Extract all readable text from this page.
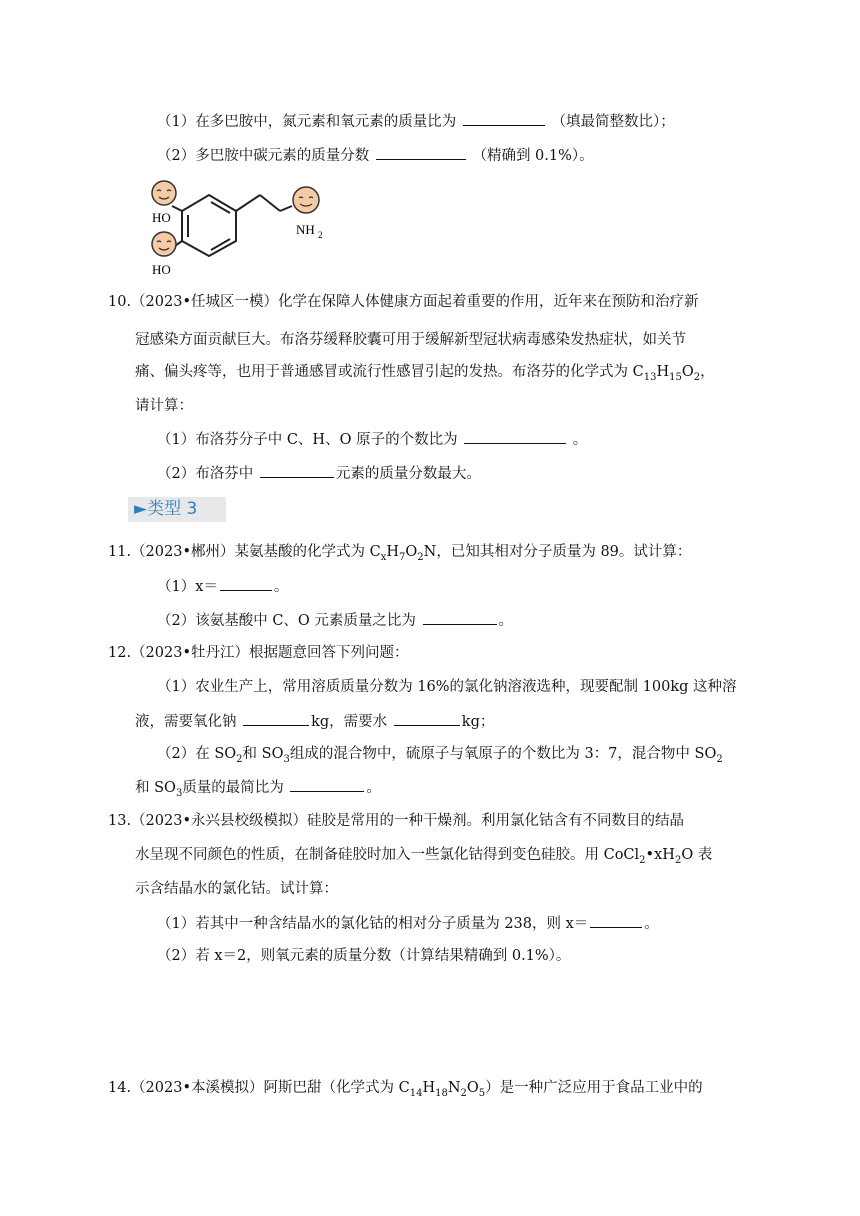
（1）在多巴胺中，氮元素和氧元素的质量比为	（填最简整数比）；
（2）多巴胺中碳元素的质量分数	（精确到 0.1%）。
HO
HO
NH 2
10.（2023•任城区一模）化学在保障人体健康方面起着重要的作用，近年来在预防和治疗新
冠感染方面贡献巨大。布洛芬缓释胶囊可用于缓解新型冠状病毒感染发热症状，如关节
痛、偏头疼等，也用于普通感冒或流行性感冒引起的发热。布洛芬的化学式为 $C_{13}H_{15}O_2$，
请计算：
（1）布洛芬分子中 C、H、O 原子的个数比为	。
（2）布洛芬中	元素的质量分数最大。
►类型 3
11.（2023•郴州）某氨基酸的化学式为 $C_xH_7O_2N$，已知其相对分子质量为 89。试计算：
（1）x＝	。
（2）该氨基酸中 C、O 元素质量之比为	。
12.（2023•牡丹江）根据题意回答下列问题：
（1）农业生产上，常用溶质质量分数为 16%的氯化钠溶液选种，现要配制 100kg 这种溶
液，需要氧化钠	kg，需要水	kg；
（2）在 $SO_2$和 $SO_3$组成的混合物中，硫原子与氧原子的个数比为 3：7，混合物中 $SO_2$
和 $SO_3$质量的最简比为	。
13.（2023•永兴县校级模拟）硅胶是常用的一种干燥剂。利用氯化钴含有不同数目的结晶
水呈现不同颜色的性质，在制备硅胶时加入一些氯化钴得到变色硅胶。用 $CoCl_2•xH_2O$ 表
示含结晶水的氯化钴。试计算：
（1）若其中一种含结晶水的氯化钴的相对分子质量为 238，则 x＝	。
（2）若 x＝2，则氧元素的质量分数（计算结果精确到 0.1%）。
14.（2023•本溪模拟）阿斯巴甜（化学式为 $C_{14}H_{18}N_2O_5$）是一种广泛应用于食品工业中的
